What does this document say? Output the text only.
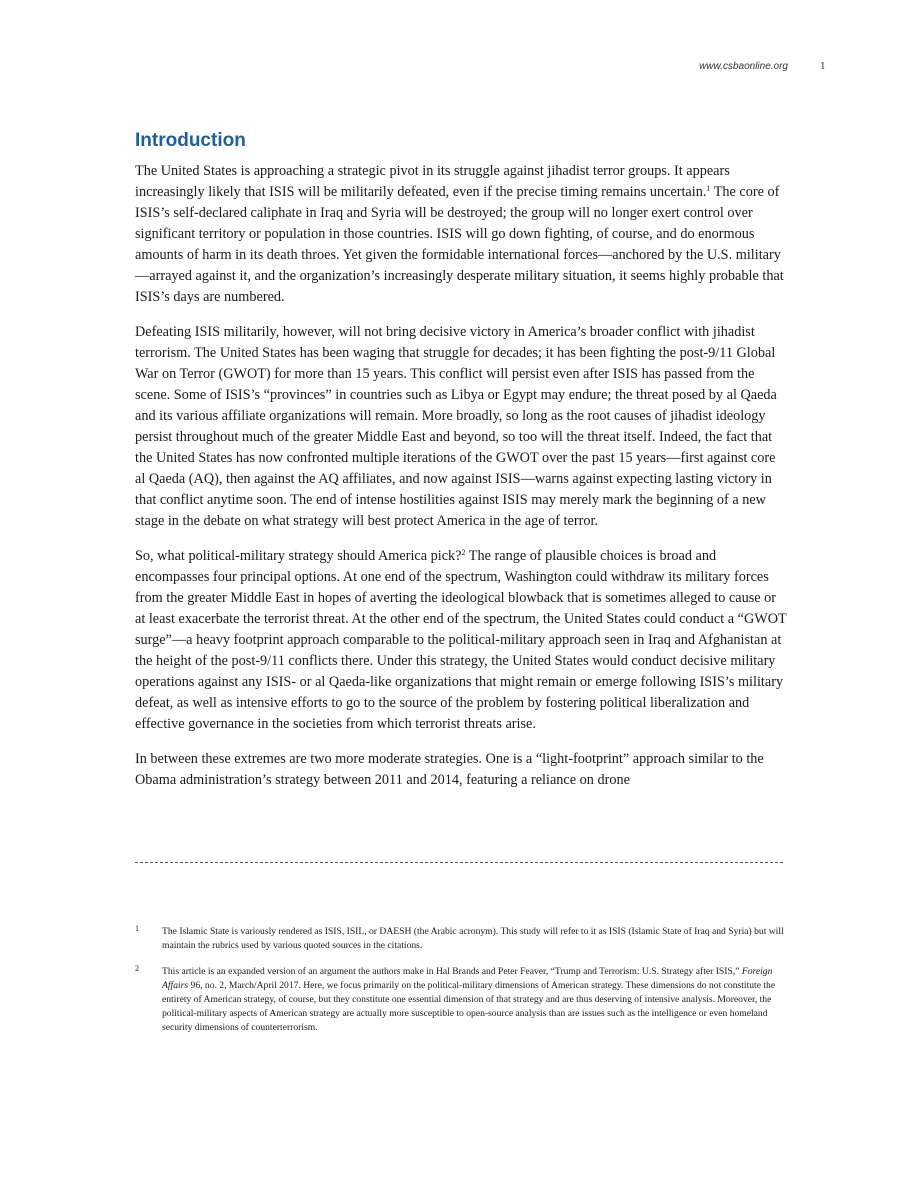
www.csbaonline.org	1
Introduction

The United States is approaching a strategic pivot in its struggle against jihadist terror groups. It appears increasingly likely that ISIS will be militarily defeated, even if the precise timing remains uncertain.$^1$ The core of ISIS’s self-declared caliphate in Iraq and Syria will be destroyed; the group will no longer exert control over significant territory or population in those countries. ISIS will go down fighting, of course, and do enormous amounts of harm in its death throes. Yet given the formidable international forces—anchored by the U.S. military—arrayed against it, and the organization’s increasingly desperate military situation, it seems highly probable that ISIS’s days are numbered.

Defeating ISIS militarily, however, will not bring decisive victory in America’s broader conflict with jihadist terrorism. The United States has been waging that struggle for decades; it has been fighting the post-9/11 Global War on Terror (GWOT) for more than 15 years. This conflict will persist even after ISIS has passed from the scene. Some of ISIS’s “provinces” in countries such as Libya or Egypt may endure; the threat posed by al Qaeda and its various affiliate organizations will remain. More broadly, so long as the root causes of jihadist ideology persist throughout much of the greater Middle East and beyond, so too will the threat itself. Indeed, the fact that the United States has now confronted multiple iterations of the GWOT over the past 15 years—first against core al Qaeda (AQ), then against the AQ affiliates, and now against ISIS—warns against expecting lasting victory in that conflict anytime soon. The end of intense hostilities against ISIS may merely mark the beginning of a new stage in the debate on what strategy will best protect America in the age of terror.

So, what political-military strategy should America pick?$^2$ The range of plausible choices is broad and encompasses four principal options. At one end of the spectrum, Washington could withdraw its military forces from the greater Middle East in hopes of averting the ideological blowback that is sometimes alleged to cause or at least exacerbate the terrorist threat. At the other end of the spectrum, the United States could conduct a “GWOT surge”—a heavy footprint approach comparable to the political-military approach seen in Iraq and Afghanistan at the height of the post-9/11 conflicts there. Under this strategy, the United States would conduct decisive military operations against any ISIS- or al Qaeda-like organizations that might remain or emerge following ISIS’s military defeat, as well as intensive efforts to go to the source of the problem by fostering political liberalization and effective governance in the societies from which terrorist threats arise.

In between these extremes are two more moderate strategies. One is a “light-footprint” approach similar to the Obama administration’s strategy between 2011 and 2014, featuring a reliance on drone

1 The Islamic State is variously rendered as ISIS, ISIL, or DAESH (the Arabic acronym). This study will refer to it as ISIS (Islamic State of Iraq and Syria) but will maintain the rubrics used by various quoted sources in the citations.
2 This article is an expanded version of an argument the authors make in Hal Brands and Peter Feaver, “Trump and Terrorism: U.S. Strategy after ISIS,” Foreign Affairs 96, no. 2, March/April 2017. Here, we focus primarily on the political-military dimensions of American strategy. These dimensions do not constitute the entirety of American strategy, of course, but they constitute one essential dimension of that strategy and are thus deserving of intensive analysis. Moreover, the political-military aspects of American strategy are actually more susceptible to open-source analysis than are issues such as the intelligence or even homeland security dimensions of counterterrorism.
